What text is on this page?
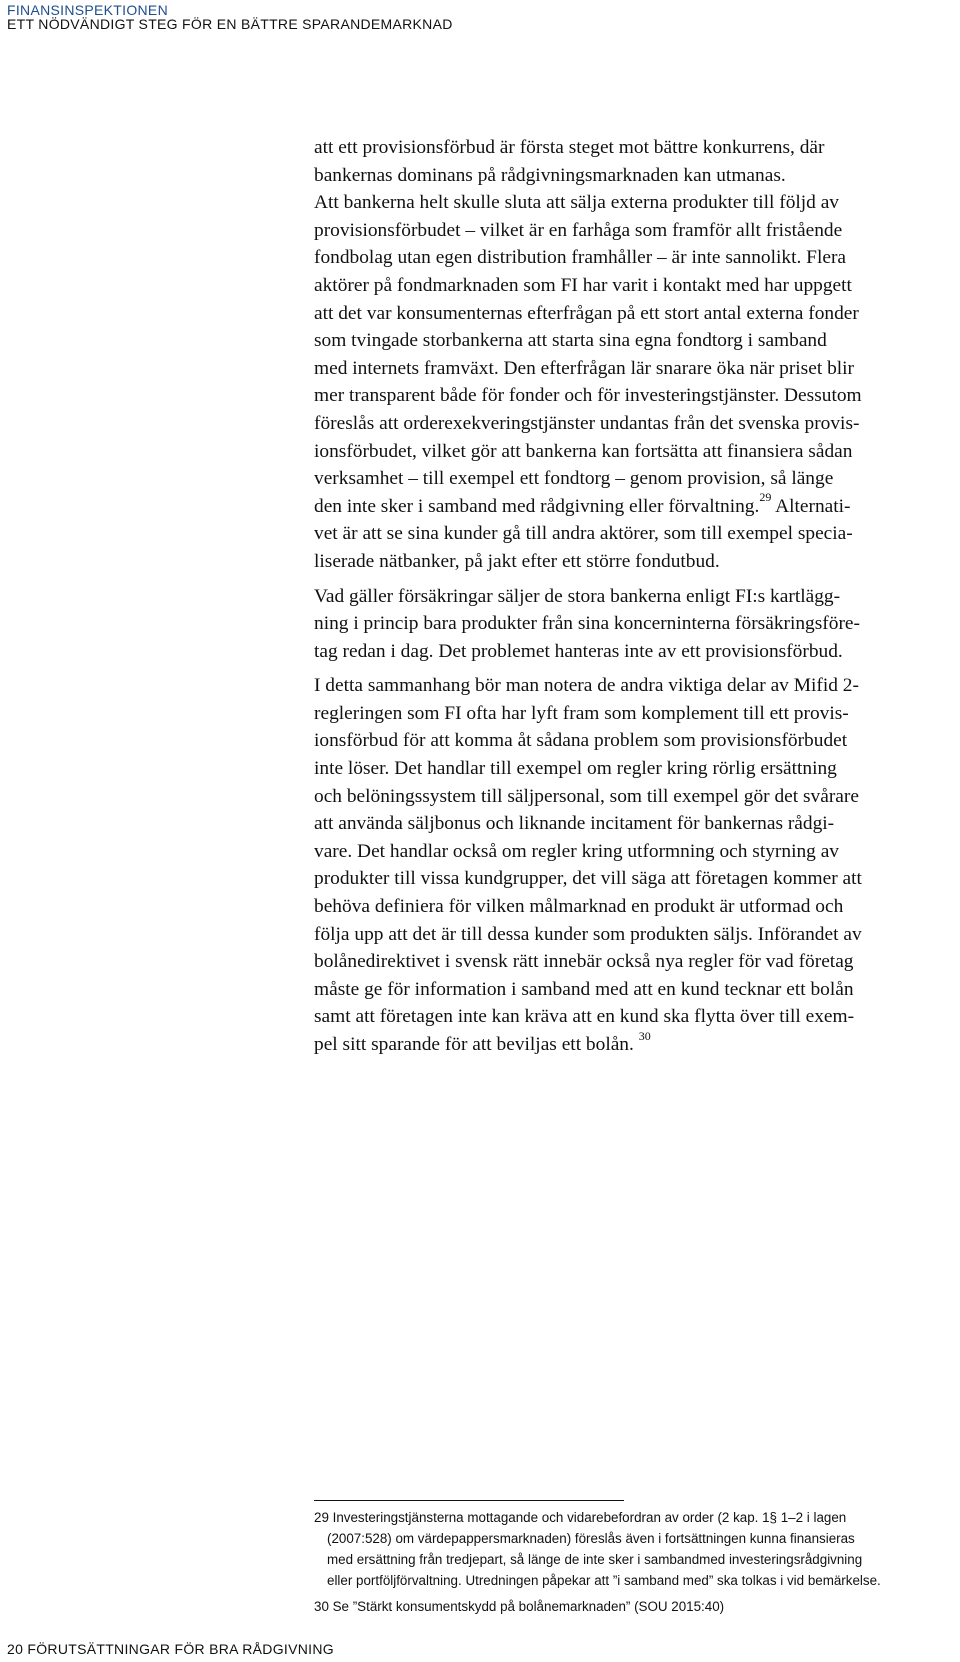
FINANSINSPEKTIONEN
ETT NÖDVÄNDIGT STEG FÖR EN BÄTTRE SPARANDEMARKNAD

att ett provisionsförbud är första steget mot bättre konkurrens, där
bankernas dominans på rådgivningsmarknaden kan utmanas.
Att bankerna helt skulle sluta att sälja externa produkter till följd av
provisionsförbudet – vilket är en farhåga som framför allt fristående
fondbolag utan egen distribution framhåller – är inte sannolikt. Flera
aktörer på fondmarknaden som FI har varit i kontakt med har uppgett
att det var konsumenternas efterfrågan på ett stort antal externa fonder
som tvingade storbankerna att starta sina egna fondtorg i samband
med internets framväxt. Den efterfrågan lär snarare öka när priset blir
mer transparent både för fonder och för investeringstjänster. Dessutom
föreslås att orderexekveringstjänster undantas från det svenska provis-
ionsförbudet, vilket gör att bankerna kan fortsätta att finansiera sådan
verksamhet – till exempel ett fondtorg – genom provision, så länge
den inte sker i samband med rådgivning eller förvaltning.$^{29}$ Alternati-
vet är att se sina kunder gå till andra aktörer, som till exempel specia-
liserade nätbanker, på jakt efter ett större fondutbud.

Vad gäller försäkringar säljer de stora bankerna enligt FI:s kartlägg-
ning i princip bara produkter från sina koncerninterna försäkringsföre-
tag redan i dag. Det problemet hanteras inte av ett provisionsförbud.

I detta sammanhang bör man notera de andra viktiga delar av Mifid 2-
regleringen som FI ofta har lyft fram som komplement till ett provis-
ionsförbud för att komma åt sådana problem som provisionsförbudet
inte löser. Det handlar till exempel om regler kring rörlig ersättning
och belöningssystem till säljpersonal, som till exempel gör det svårare
att använda säljbonus och liknande incitament för bankernas rådgi-
vare. Det handlar också om regler kring utformning och styrning av
produkter till vissa kundgrupper, det vill säga att företagen kommer att
behöva definiera för vilken målmarknad en produkt är utformad och
följa upp att det är till dessa kunder som produkten säljs. Införandet av
bolånedirektivet i svensk rätt innebär också nya regler för vad företag
måste ge för information i samband med att en kund tecknar ett bolån
samt att företagen inte kan kräva att en kund ska flytta över till exem-
pel sitt sparande för att beviljas ett bolån. $^{30}$

29 Investeringstjänsterna mottagande och vidarebefordran av order (2 kap. 1§ 1–2 i lagen
(2007:528) om värdepappersmarknaden) föreslås även i fortsättningen kunna finansieras
med ersättning från tredjepart, så länge de inte sker i sambandmed investeringsrådgivning
eller portföljförvaltning. Utredningen påpekar att ”i samband med” ska tolkas i vid bemärkelse.

30 Se ”Stärkt konsumentskydd på bolånemarknaden” (SOU 2015:40)

20 FÖRUTSÄTTNINGAR FÖR BRA RÅDGIVNING
